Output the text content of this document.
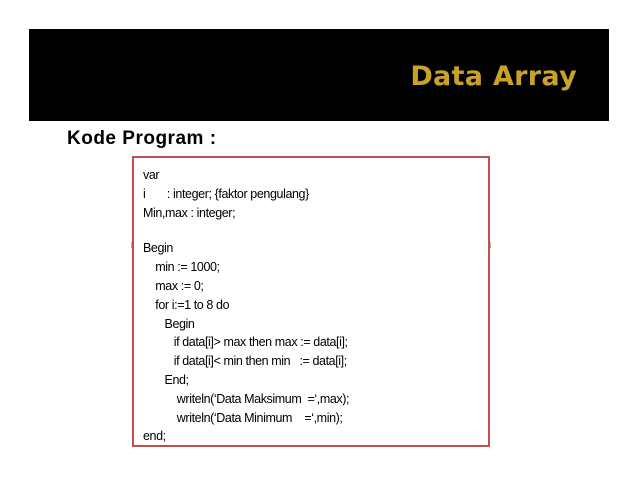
Data Array
Kode Program :
var
i       : integer; {faktor pengulang}
Min,max : integer;
Begin
min := 1000;
max := 0;
for i:=1 to 8 do
Begin
if data[i]> max then max := data[i];
if data[i]< min then min   := data[i];
End;
writeln(‘Data Maksimum  =‘,max);
writeln(‘Data Minimum    =‘,min);
end;
